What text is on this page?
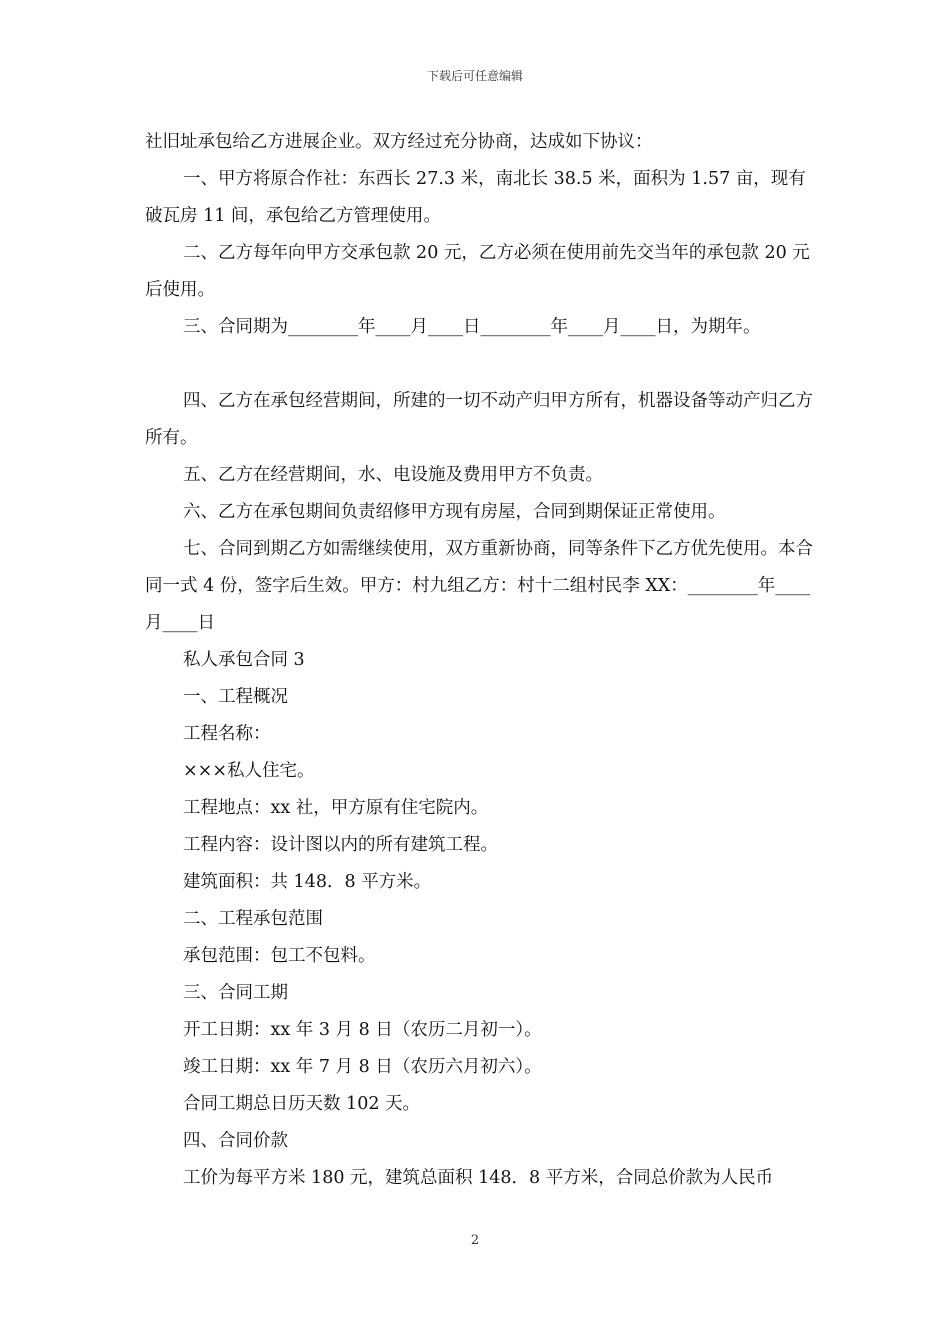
下载后可任意编辑

社旧址承包给乙方进展企业。双方经过充分协商，达成如下协议：

一、甲方将原合作社：东西长 27.3 米，南北长 38.5 米，面积为 1.57 亩，现有破瓦房 11 间，承包给乙方管理使用。

二、乙方每年向甲方交承包款 20 元，乙方必须在使用前先交当年的承包款 20 元后使用。

三、合同期为________年____月____日________年____月____日，为期年。

四、乙方在承包经营期间，所建的一切不动产归甲方所有，机器设备等动产归乙方所有。

五、乙方在经营期间，水、电设施及费用甲方不负责。

六、乙方在承包期间负责绍修甲方现有房屋，合同到期保证正常使用。

七、合同到期乙方如需继续使用，双方重新协商，同等条件下乙方优先使用。本合同一式 4 份，签字后生效。甲方：村九组乙方：村十二组村民李 XX：________年____月____日

私人承包合同 3

一、工程概况

工程名称：

×××私人住宅。

工程地点：xx 社，甲方原有住宅院内。

工程内容：设计图以内的所有建筑工程。

建筑面积：共 148．8 平方米。

二、工程承包范围

承包范围：包工不包料。

三、合同工期

开工日期：xx 年 3 月 8 日（农历二月初一）。

竣工日期：xx 年 7 月 8 日（农历六月初六）。

合同工期总日历天数 102 天。

四、合同价款

工价为每平方米 180 元，建筑总面积 148．8 平方米，合同总价款为人民币

2
